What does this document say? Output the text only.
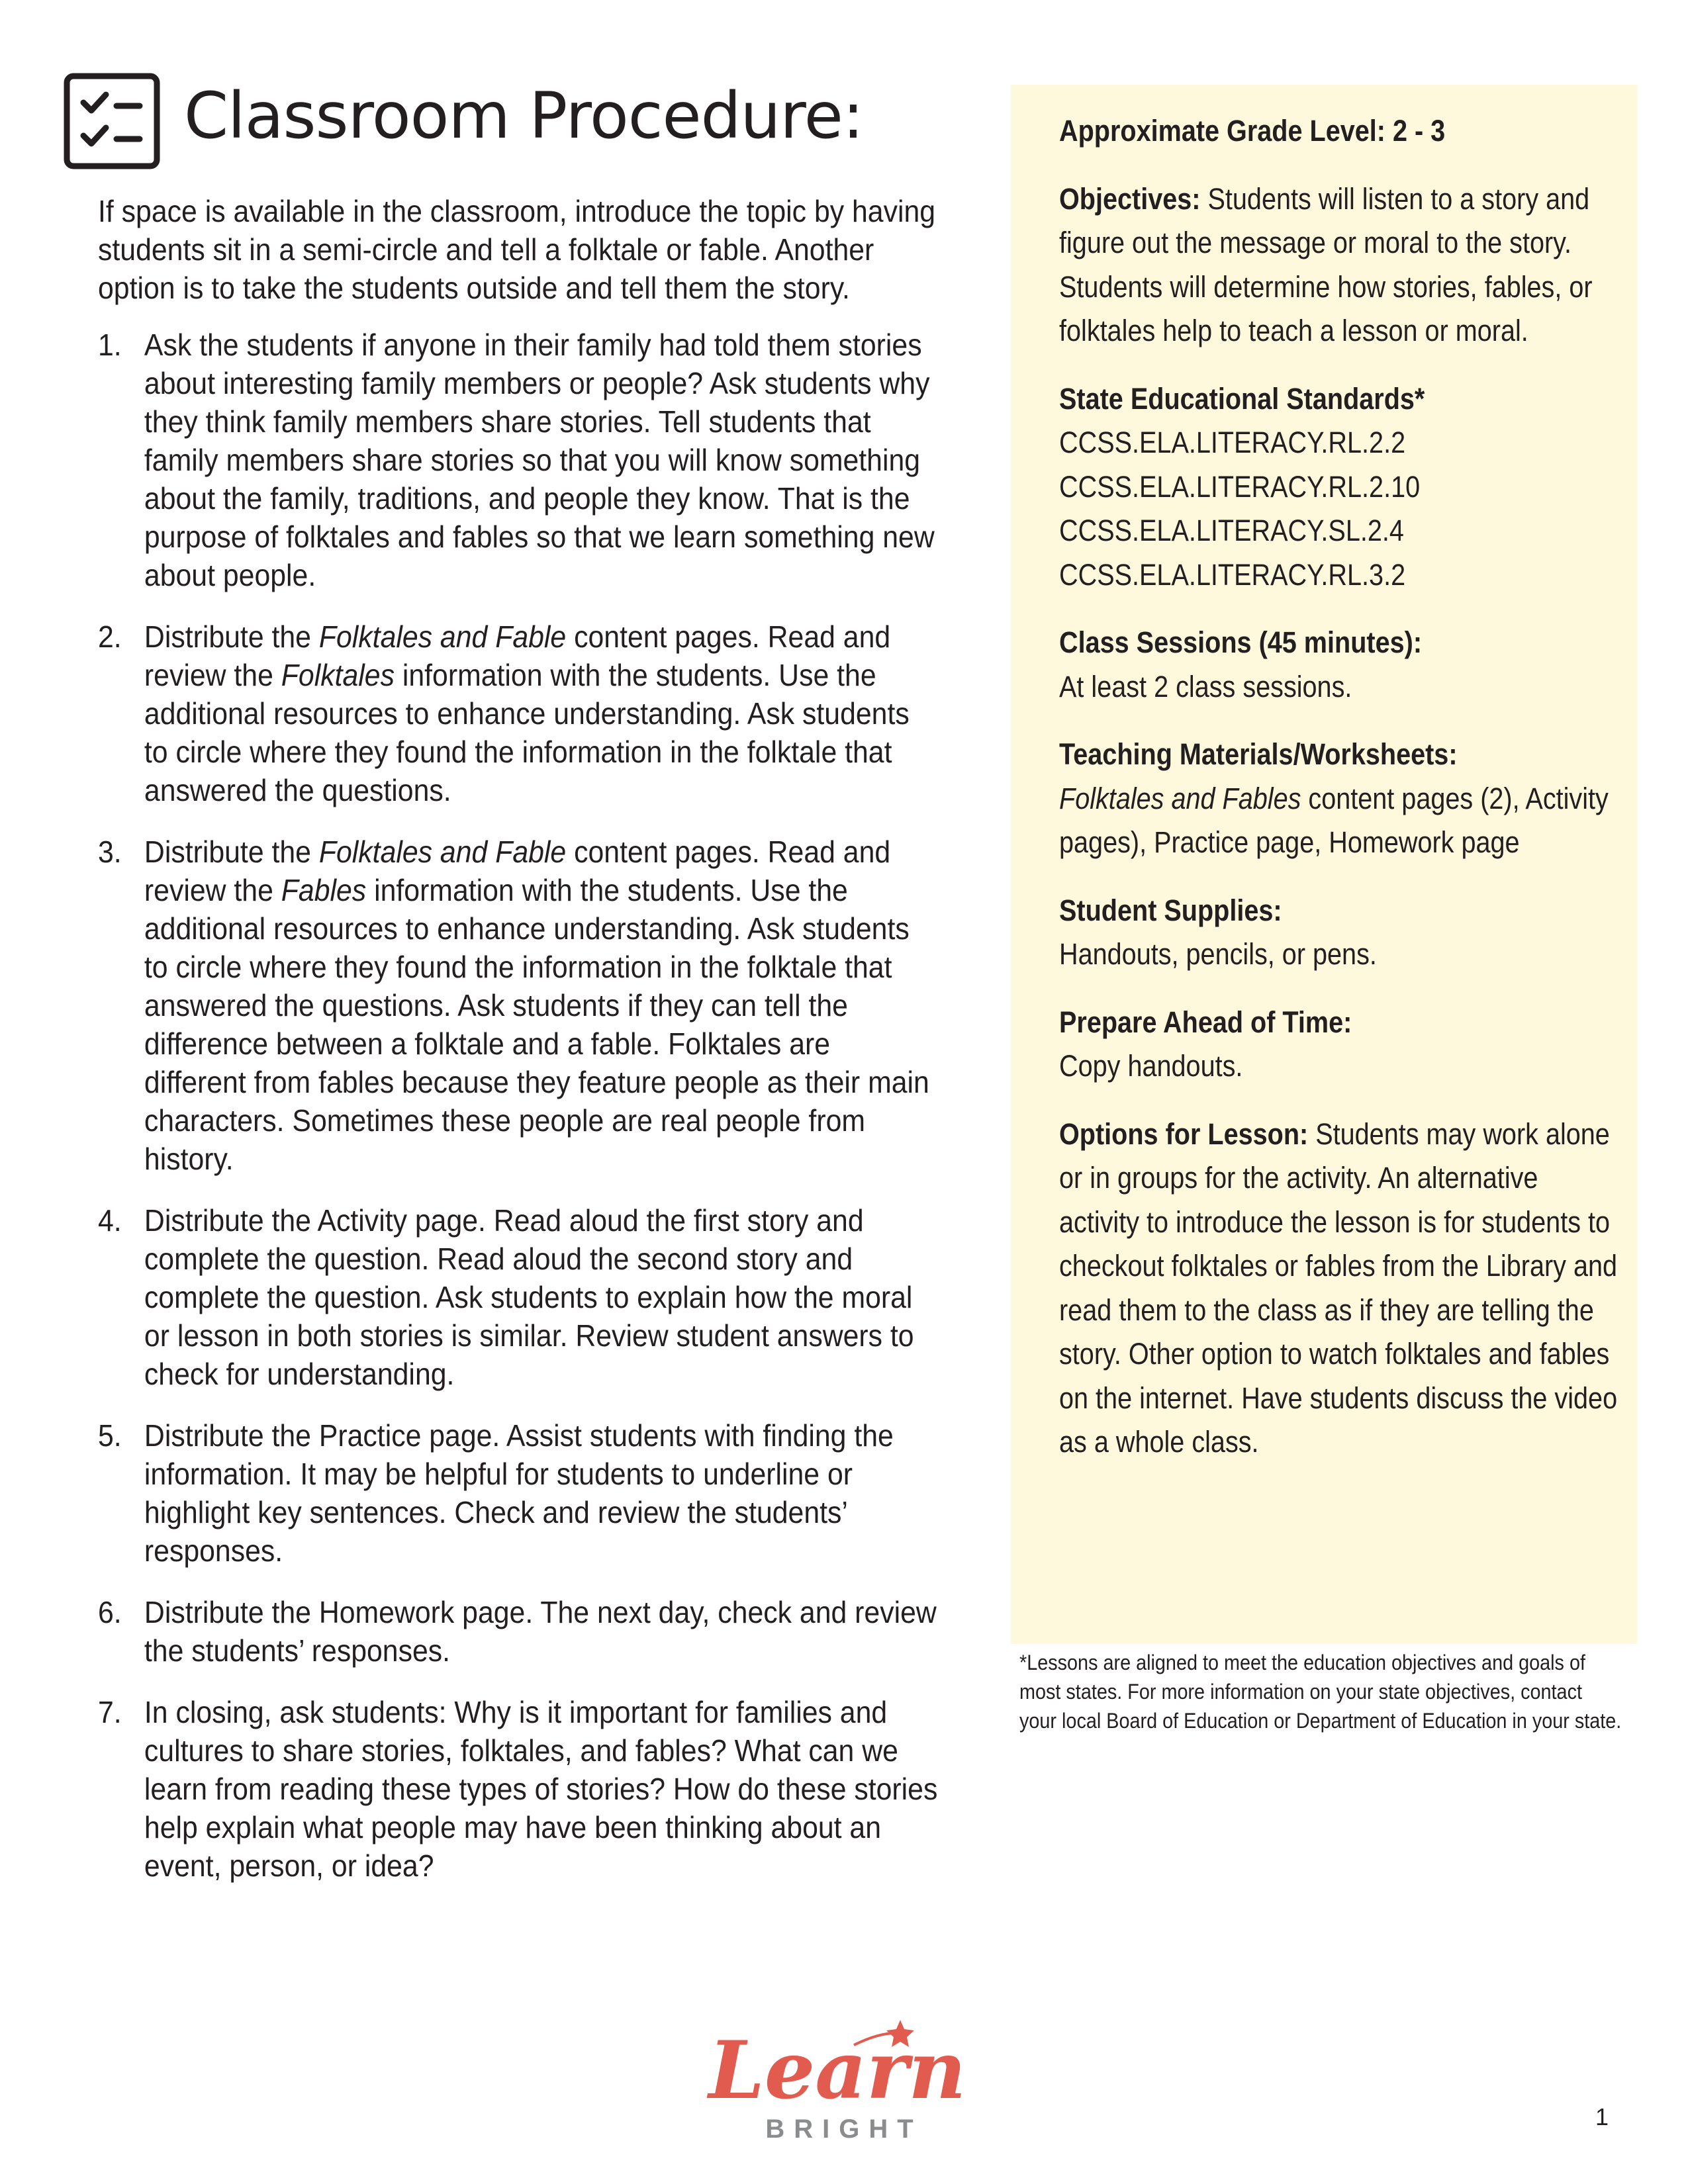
Classroom Procedure:

If space is available in the classroom, introduce the topic by having students sit in a semi-circle and tell a folktale or fable. Another option is to take the students outside and tell them the story.

1. Ask the students if anyone in their family had told them stories about interesting family members or people? Ask students why they think family members share stories. Tell students that family members share stories so that you will know something about the family, traditions, and people they know. That is the purpose of folktales and fables so that we learn something new about people.
2. Distribute the Folktales and Fable content pages. Read and review the Folktales information with the students. Use the additional resources to enhance understanding. Ask students to circle where they found the information in the folktale that answered the questions.
3. Distribute the Folktales and Fable content pages. Read and review the Fables information with the students. Use the additional resources to enhance understanding. Ask students to circle where they found the information in the folktale that answered the questions. Ask students if they can tell the difference between a folktale and a fable. Folktales are different from fables because they feature people as their main characters. Sometimes these people are real people from history.
4. Distribute the Activity page. Read aloud the first story and complete the question. Read aloud the second story and complete the question. Ask students to explain how the moral or lesson in both stories is similar. Review student answers to check for understanding.
5. Distribute the Practice page. Assist students with finding the information. It may be helpful for students to underline or highlight key sentences. Check and review the students’ responses.
6. Distribute the Homework page. The next day, check and review the students’ responses.
7. In closing, ask students: Why is it important for families and cultures to share stories, folktales, and fables? What can we learn from reading these types of stories? How do these stories help explain what people may have been thinking about an event, person, or idea?
Approximate Grade Level: 2 - 3
Objectives: Students will listen to a story and figure out the message or moral to the story. Students will determine how stories, fables, or folktales help to teach a lesson or moral.
State Educational Standards*
CCSS.ELA.LITERACY.RL.2.2
CCSS.ELA.LITERACY.RL.2.10
CCSS.ELA.LITERACY.SL.2.4
CCSS.ELA.LITERACY.RL.3.2
Class Sessions (45 minutes):
At least 2 class sessions.
Teaching Materials/Worksheets:
Folktales and Fables content pages (2), Activity pages), Practice page, Homework page
Student Supplies:
Handouts, pencils, or pens.
Prepare Ahead of Time:
Copy handouts.
Options for Lesson: Students may work alone or in groups for the activity. An alternative activity to introduce the lesson is for students to checkout folktales or fables from the Library and read them to the class as if they are telling the story. Other option to watch folktales and fables on the internet. Have students discuss the video as a whole class.
*Lessons are aligned to meet the education objectives and goals of
most states. For more information on your state objectives, contact
your local Board of Education or Department of Education in your state.
Learn
BRIGHT	1
